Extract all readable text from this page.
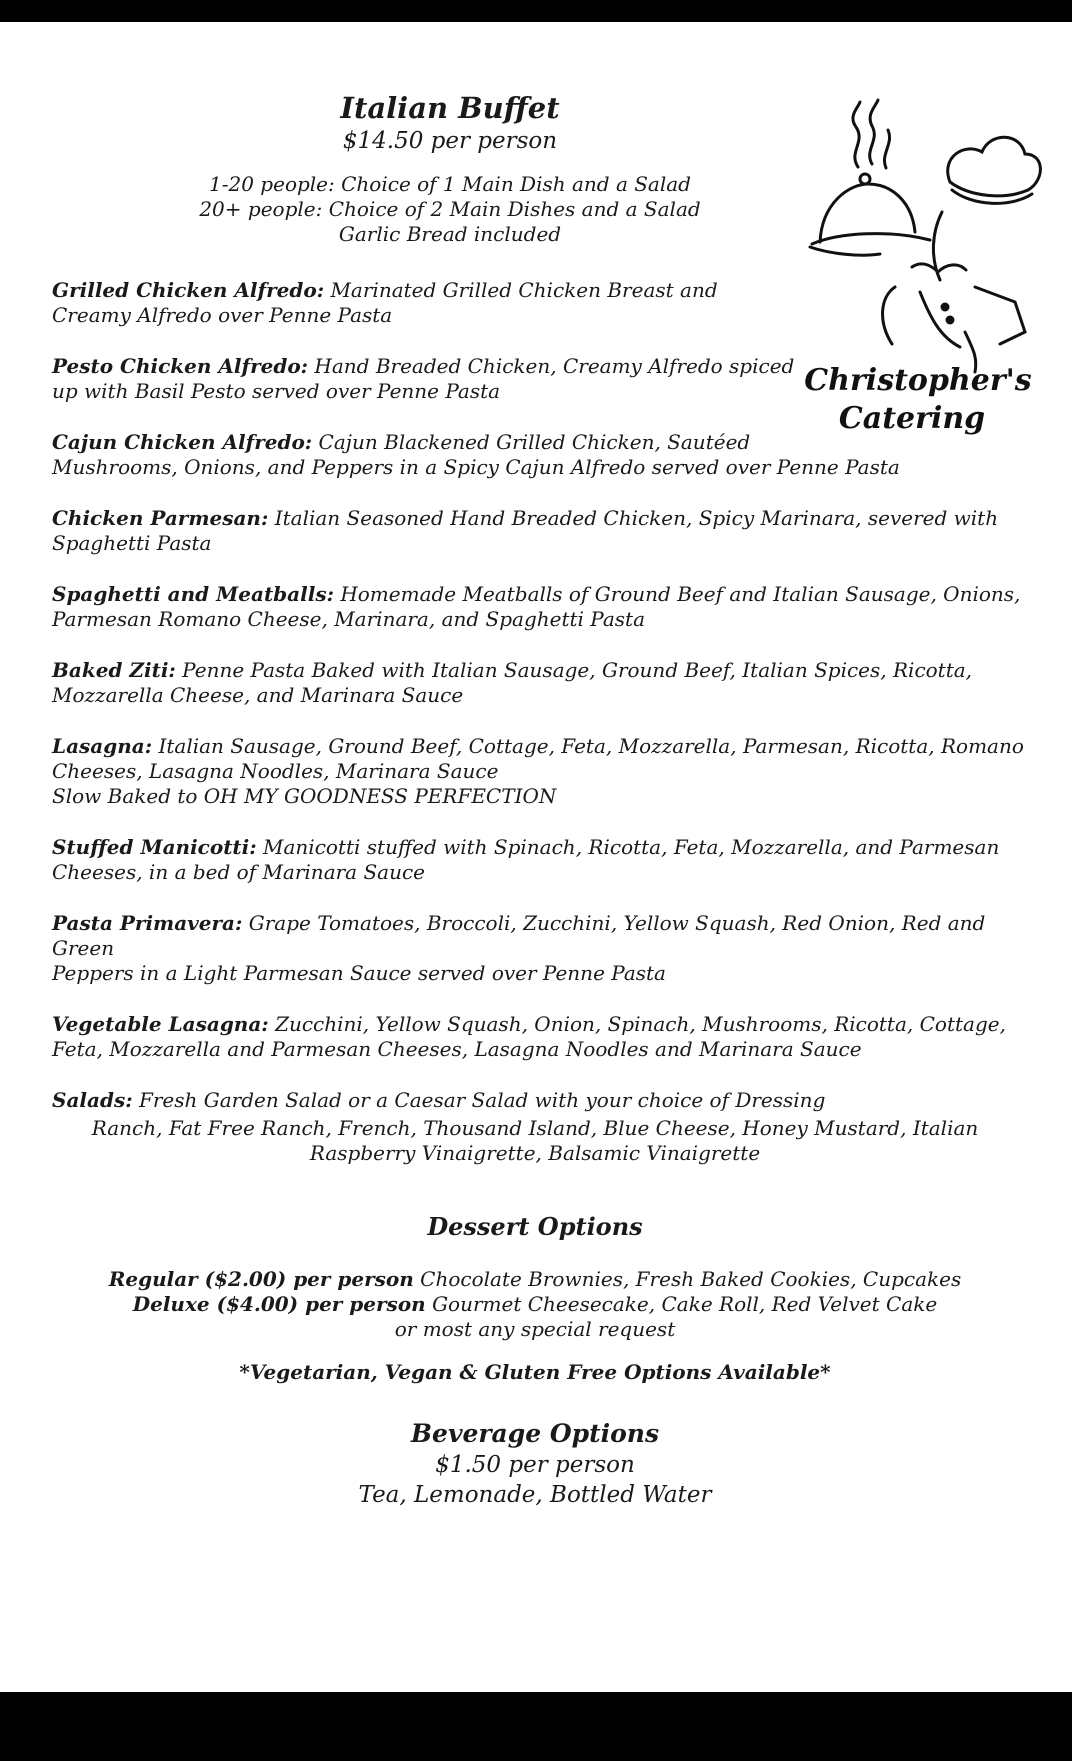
Italian Buffet
$14.50 per person
1-20 people: Choice of 1 Main Dish and a Salad
20+ people: Choice of 2 Main Dishes and a Salad
Garlic Bread included
Christopher's
Catering
Grilled Chicken Alfredo: Marinated Grilled Chicken Breast and
Creamy Alfredo over Penne Pasta
Pesto Chicken Alfredo: Hand Breaded Chicken, Creamy Alfredo spiced
up with Basil Pesto served over Penne Pasta
Cajun Chicken Alfredo: Cajun Blackened Grilled Chicken, Sautéed
Mushrooms, Onions, and Peppers in a Spicy Cajun Alfredo served over Penne Pasta
Chicken Parmesan: Italian Seasoned Hand Breaded Chicken, Spicy Marinara, severed with
Spaghetti Pasta
Spaghetti and Meatballs: Homemade Meatballs of Ground Beef and Italian Sausage, Onions,
Parmesan Romano Cheese, Marinara, and Spaghetti Pasta
Baked Ziti: Penne Pasta Baked with Italian Sausage, Ground Beef, Italian Spices, Ricotta,
Mozzarella Cheese, and Marinara Sauce
Lasagna: Italian Sausage, Ground Beef, Cottage, Feta, Mozzarella, Parmesan, Ricotta, Romano
Cheeses, Lasagna Noodles, Marinara Sauce
Slow Baked to OH MY GOODNESS PERFECTION
Stuffed Manicotti: Manicotti stuffed with Spinach, Ricotta, Feta, Mozzarella, and Parmesan
Cheeses, in a bed of Marinara Sauce
Pasta Primavera: Grape Tomatoes, Broccoli, Zucchini, Yellow Squash, Red Onion, Red and Green
Peppers in a Light Parmesan Sauce served over Penne Pasta
Vegetable Lasagna: Zucchini, Yellow Squash, Onion, Spinach, Mushrooms, Ricotta, Cottage,
Feta, Mozzarella and Parmesan Cheeses, Lasagna Noodles and Marinara Sauce
Salads: Fresh Garden Salad or a Caesar Salad with your choice of Dressing
Ranch, Fat Free Ranch, French, Thousand Island, Blue Cheese, Honey Mustard, Italian
Raspberry Vinaigrette, Balsamic Vinaigrette
Dessert Options
Regular ($2.00) per person Chocolate Brownies, Fresh Baked Cookies, Cupcakes
Deluxe ($4.00) per person Gourmet Cheesecake, Cake Roll, Red Velvet Cake
or most any special request
*Vegetarian, Vegan & Gluten Free Options Available*
Beverage Options
$1.50 per person
Tea, Lemonade, Bottled Water
